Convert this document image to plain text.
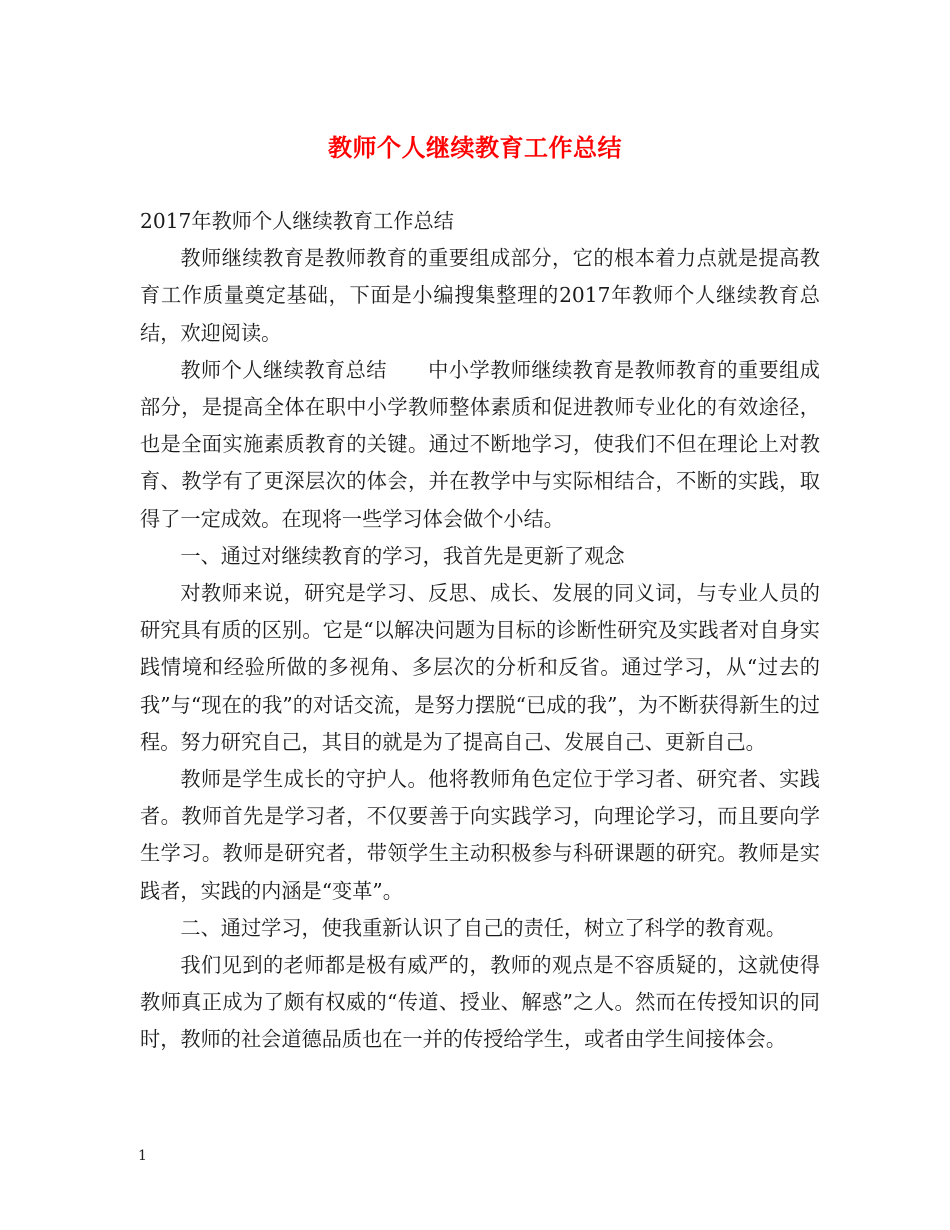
教师个人继续教育工作总结

2017年教师个人继续教育工作总结

教师继续教育是教师教育的重要组成部分，它的根本着力点就是提高教育工作质量奠定基础，下面是小编搜集整理的2017年教师个人继续教育总结，欢迎阅读。

教师个人继续教育总结　　中小学教师继续教育是教师教育的重要组成部分，是提高全体在职中小学教师整体素质和促进教师专业化的有效途径，也是全面实施素质教育的关键。通过不断地学习，使我们不但在理论上对教育、教学有了更深层次的体会，并在教学中与实际相结合，不断的实践，取得了一定成效。在现将一些学习体会做个小结。

一、通过对继续教育的学习，我首先是更新了观念

对教师来说，研究是学习、反思、成长、发展的同义词，与专业人员的研究具有质的区别。它是“以解决问题为目标的诊断性研究及实践者对自身实践情境和经验所做的多视角、多层次的分析和反省。通过学习，从“过去的我”与“现在的我”的对话交流，是努力摆脱“已成的我”，为不断获得新生的过程。努力研究自己，其目的就是为了提高自己、发展自己、更新自己。

教师是学生成长的守护人。他将教师角色定位于学习者、研究者、实践者。教师首先是学习者，不仅要善于向实践学习，向理论学习，而且要向学生学习。教师是研究者，带领学生主动积极参与科研课题的研究。教师是实践者，实践的内涵是“变革”。

二、通过学习，使我重新认识了自己的责任，树立了科学的教育观。

我们见到的老师都是极有威严的，教师的观点是不容质疑的，这就使得教师真正成为了颇有权威的“传道、授业、解惑”之人。然而在传授知识的同时，教师的社会道德品质也在一并的传授给学生，或者由学生间接体会。

1
